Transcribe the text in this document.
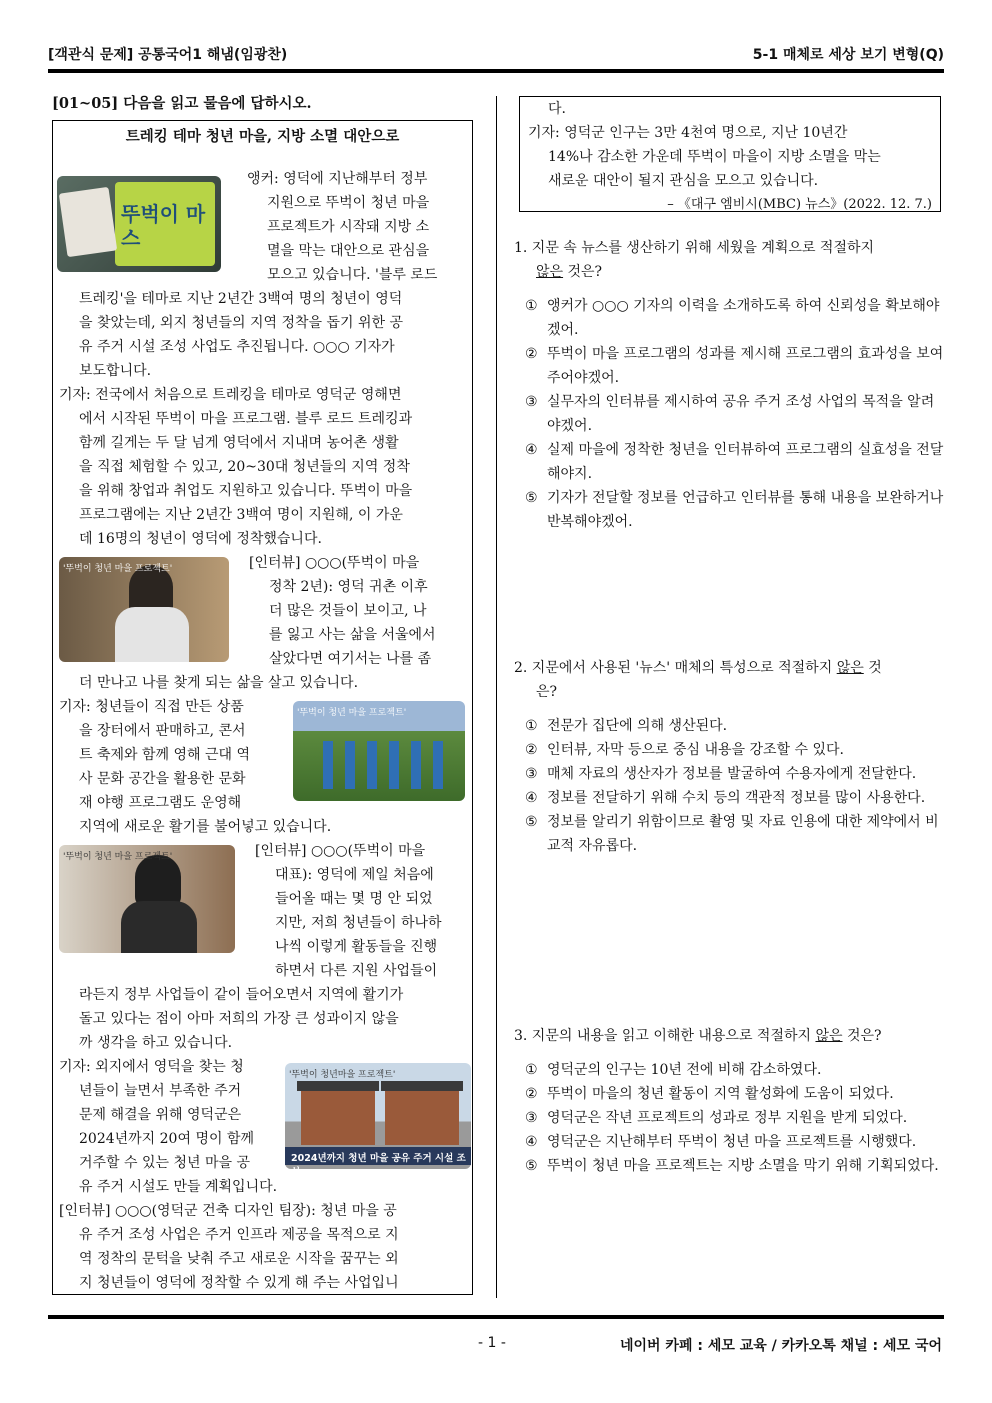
[객관식 문제] 공통국어1 해냄(임광찬)	5-1 매체로 세상 보기 변형(Q)
[01~05] 다음을 읽고 물음에 답하시오.
트레킹 테마 청년 마을, 지방 소멸 대안으로
뚜벅이 마스
앵커: 영덕에 지난해부터 정부
지원으로 뚜벅이 청년 마을
프로젝트가 시작돼 지방 소
멸을 막는 대안으로 관심을
모으고 있습니다. '블루 로드
트레킹'을 테마로 지난 2년간 3백여 명의 청년이 영덕
을 찾았는데, 외지 청년들의 지역 정착을 돕기 위한 공
유 주거 시설 조성 사업도 추진됩니다. ○○○ 기자가
보도합니다.
기자: 전국에서 처음으로 트레킹을 테마로 영덕군 영해면
에서 시작된 뚜벅이 마을 프로그램. 블루 로드 트레킹과
함께 길게는 두 달 넘게 영덕에서 지내며 농어촌 생활
을 직접 체험할 수 있고, 20~30대 청년들의 지역 정착
을 위해 창업과 취업도 지원하고 있습니다. 뚜벅이 마을
프로그램에는 지난 2년간 3백여 명이 지원해, 이 가운
데 16명의 청년이 영덕에 정착했습니다.
'뚜벅이 청년 마을 프로젝트'	[인터뷰] ○○○(뚜벅이 마을
정착 2년): 영덕 귀촌 이후
더 많은 것들이 보이고, 나
를 잃고 사는 삶을 서울에서
살았다면 여기서는 나를 좀
더 만나고 나를 찾게 되는 삶을 살고 있습니다.
기자: 청년들이 직접 만든 상품
을 장터에서 판매하고, 콘서
트 축제와 함께 영해 근대 역
사 문화 공간을 활용한 문화
재 야행 프로그램도 운영해
지역에 새로운 활기를 불어넣고 있습니다.
'뚜벅이 청년 마을 프로젝트'
'뚜벅이 청년 마을 프로젝트'	[인터뷰] ○○○(뚜벅이 마을
대표): 영덕에 제일 처음에
들어올 때는 몇 명 안 되었
지만, 저희 청년들이 하나하
나씩 이렇게 활동들을 진행
하면서 다른 지원 사업들이
라든지 정부 사업들이 같이 들어오면서 지역에 활기가
돌고 있다는 점이 아마 저희의 가장 큰 성과이지 않을
까 생각을 하고 있습니다.
기자: 외지에서 영덕을 찾는 청
년들이 늘면서 부족한 주거
문제 해결을 위해 영덕군은
2024년까지 20여 명이 함께
거주할 수 있는 청년 마을 공
유 주거 시설도 만들 계획입니다.
'뚜벅이 청년마을 프로젝트'
2024년까지 청년 마을 공유 주거 시설 조성
[인터뷰] ○○○(영덕군 건축 디자인 팀장): 청년 마을 공
유 주거 조성 사업은 주거 인프라 제공을 목적으로 지
역 정착의 문턱을 낮춰 주고 새로운 시작을 꿈꾸는 외
지 청년들이 영덕에 정착할 수 있게 해 주는 사업입니
다.
기자: 영덕군 인구는 3만 4천여 명으로, 지난 10년간
14%나 감소한 가운데 뚜벅이 마을이 지방 소멸을 막는
새로운 대안이 될지 관심을 모으고 있습니다.
– 《대구 엠비시(MBC) 뉴스》(2022. 12. 7.)
1. 지문 속 뉴스를 생산하기 위해 세웠을 계획으로 적절하지
않은 것은?
① 앵커가 ○○○ 기자의 이력을 소개하도록 하여 신뢰성을 확보해야겠어.
② 뚜벅이 마을 프로그램의 성과를 제시해 프로그램의 효과성을 보여주어야겠어.
③ 실무자의 인터뷰를 제시하여 공유 주거 조성 사업의 목적을 알려야겠어.
④ 실제 마을에 정착한 청년을 인터뷰하여 프로그램의 실효성을 전달해야지.
⑤ 기자가 전달할 정보를 언급하고 인터뷰를 통해 내용을 보완하거나 반복해야겠어.
2. 지문에서 사용된 '뉴스' 매체의 특성으로 적절하지 않은 것
은?
① 전문가 집단에 의해 생산된다.
② 인터뷰, 자막 등으로 중심 내용을 강조할 수 있다.
③ 매체 자료의 생산자가 정보를 발굴하여 수용자에게 전달한다.
④ 정보를 전달하기 위해 수치 등의 객관적 정보를 많이 사용한다.
⑤ 정보를 알리기 위함이므로 촬영 및 자료 인용에 대한 제약에서 비교적 자유롭다.
3. 지문의 내용을 읽고 이해한 내용으로 적절하지 않은 것은?
① 영덕군의 인구는 10년 전에 비해 감소하였다.
② 뚜벅이 마을의 청년 활동이 지역 활성화에 도움이 되었다.
③ 영덕군은 작년 프로젝트의 성과로 정부 지원을 받게 되었다.
④ 영덕군은 지난해부터 뚜벅이 청년 마을 프로젝트를 시행했다.
⑤ 뚜벅이 청년 마을 프로젝트는 지방 소멸을 막기 위해 기획되었다.
- 1 -	네이버 카페 : 세모 교육 / 카카오톡 채널 : 세모 국어
